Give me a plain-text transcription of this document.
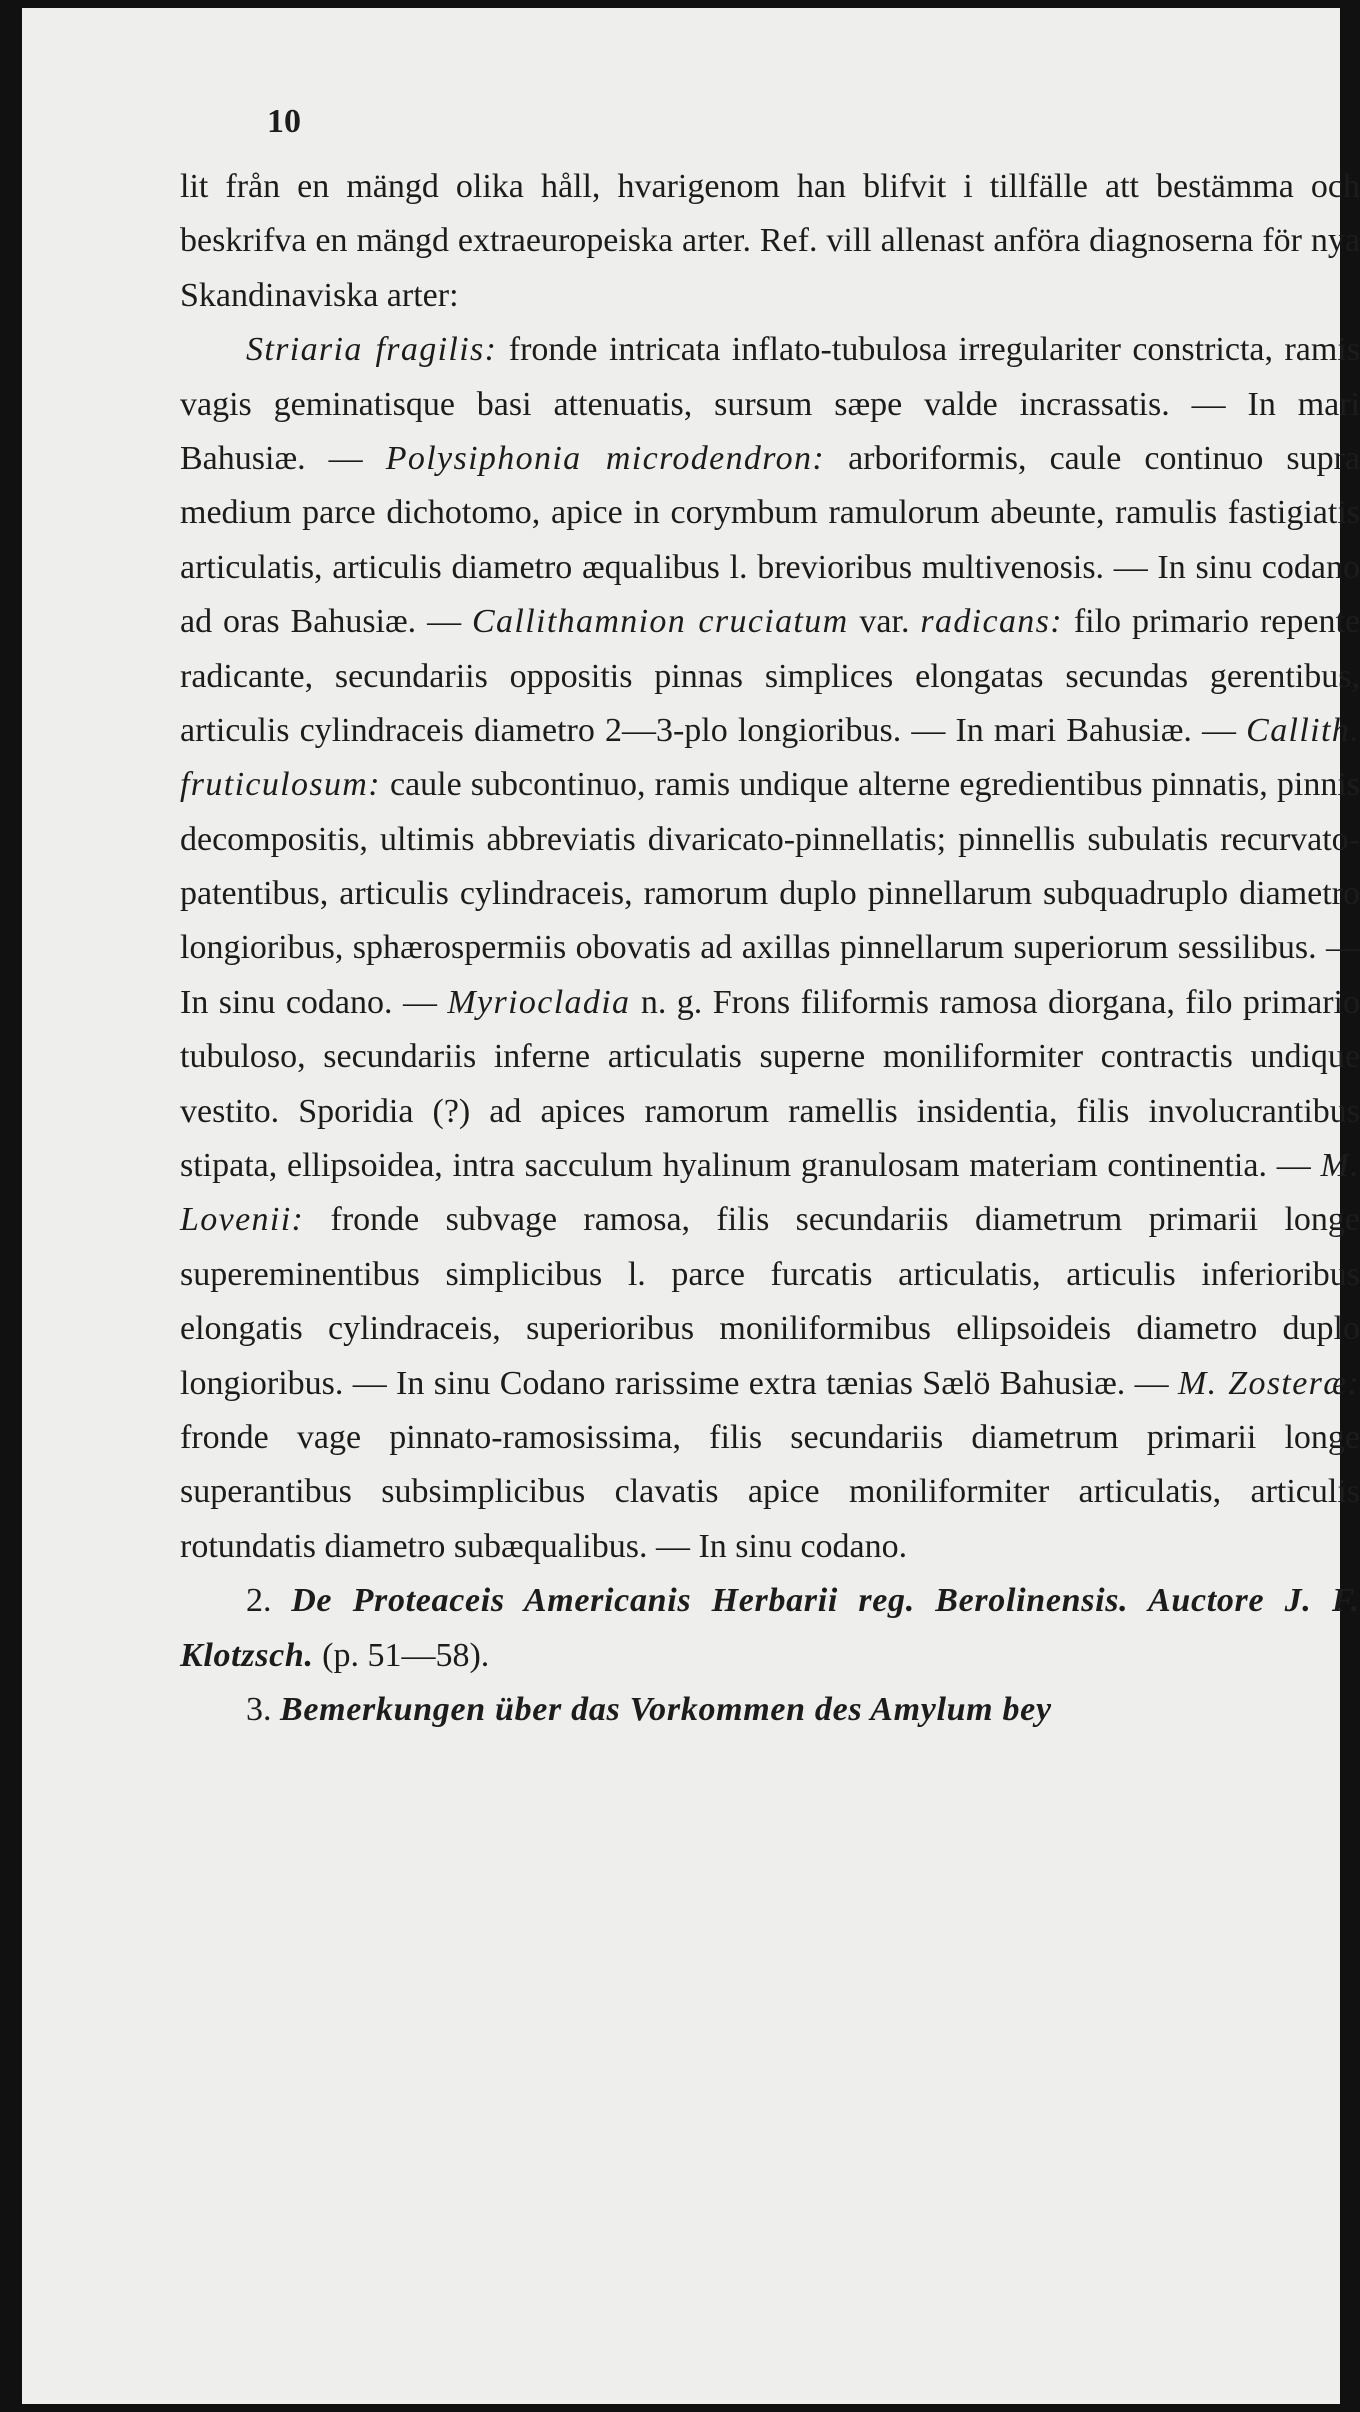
10

lit från en mängd olika håll, hvarigenom han blifvit i tillfälle att bestämma och beskrifva en mängd extraeuropeiska arter. Ref. vill allenast anföra diagnoserna för nya Skandinaviska arter:
Striaria fragilis: fronde intricata inflato-tubulosa irregulariter constricta, ramis vagis geminatisque basi attenuatis, sursum sæpe valde incrassatis. — In mari Bahusiæ. — Polysiphonia microdendron: arboriformis, caule continuo supra medium parce dichotomo, apice in corymbum ramulorum abeunte, ramulis fastigiatis articulatis, articulis diametro æqualibus l. brevioribus multivenosis. — In sinu codano ad oras Bahusiæ. — Callithamnion cruciatum var. radicans: filo primario repente radicante, secundariis oppositis pinnas simplices elongatas secundas gerentibus, articulis cylindraceis diametro 2—3-plo longioribus. — In mari Bahusiæ. — Callith. fruticulosum: caule subcontinuo, ramis undique alterne egredientibus pinnatis, pinnis decompositis, ultimis abbreviatis divaricato-pinnellatis; pinnellis subulatis recurvato-patentibus, articulis cylindraceis, ramorum duplo pinnellarum subquadruplo diametro longioribus, sphærospermiis obovatis ad axillas pinnellarum superiorum sessilibus. — In sinu codano. — Myriocladia n. g. Frons filiformis ramosa diorgana, filo primario tubuloso, secundariis inferne articulatis superne moniliformiter contractis undique vestito. Sporidia (?) ad apices ramorum ramellis insidentia, filis involucrantibus stipata, ellipsoidea, intra sacculum hyalinum granulosam materiam continentia. — M. Lovenii: fronde subvage ramosa, filis secundariis diametrum primarii longe supereminentibus simplicibus l. parce furcatis articulatis, articulis inferioribus elongatis cylindraceis, superioribus moniliformibus ellipsoideis diametro duplo longioribus. — In sinu Codano rarissime extra tænias Sælö Bahusiæ. — M. Zosteræ: fronde vage pinnato-ramosissima, filis secundariis diametrum primarii longe superantibus subsimplicibus clavatis apice moniliformiter articulatis, articulis rotundatis diametro subæqualibus. — In sinu codano.

2. De Proteaceis Americanis Herbarii reg. Berolinensis. Auctore J. F. Klotzsch. (p. 51—58).

3. Bemerkungen über das Vorkommen des Amylum bey
